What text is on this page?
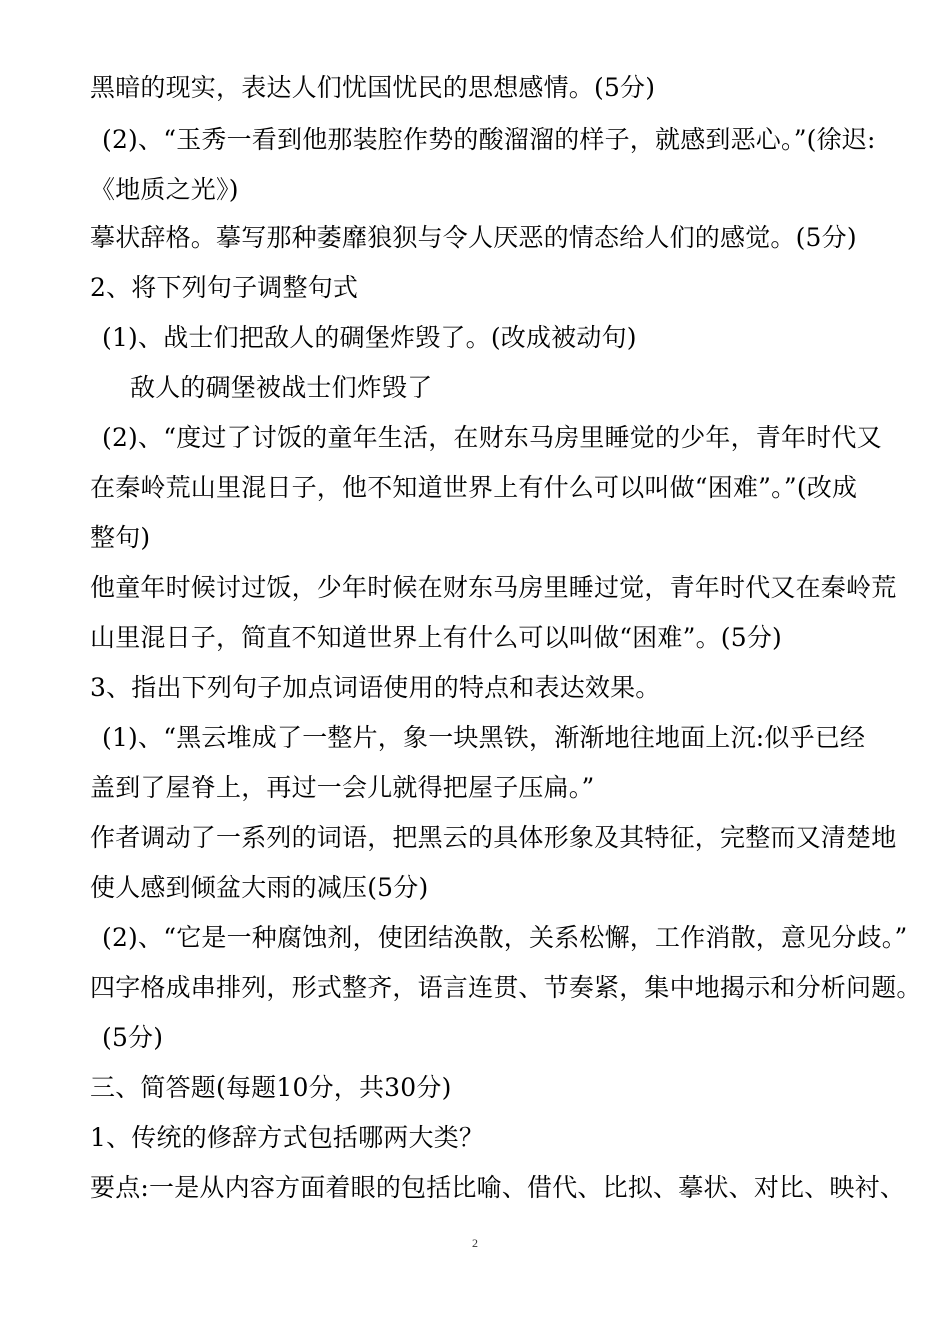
黑暗的现实，表达人们忧国忧民的思想感情。(5分)
(2)、“玉秀一看到他那装腔作势的酸溜溜的样子，就感到恶心。”(徐迟:
《地质之光》)
摹状辞格。摹写那种萎靡狼狈与令人厌恶的情态给人们的感觉。(5分)
2、将下列句子调整句式
(1)、战士们把敌人的碉堡炸毁了。(改成被动句)
敌人的碉堡被战士们炸毁了
(2)、“度过了讨饭的童年生活，在财东马房里睡觉的少年，青年时代又
在秦岭荒山里混日子，他不知道世界上有什么可以叫做“困难”。”(改成
整句)
他童年时候讨过饭，少年时候在财东马房里睡过觉，青年时代又在秦岭荒
山里混日子，简直不知道世界上有什么可以叫做“困难”。(5分)
3、指出下列句子加点词语使用的特点和表达效果。
(1)、“黑云堆成了一整片，象一块黑铁，渐渐地往地面上沉:似乎已经
盖到了屋脊上，再过一会儿就得把屋子压扁。”
作者调动了一系列的词语，把黑云的具体形象及其特征，完整而又清楚地
使人感到倾盆大雨的减压(5分)
(2)、“它是一种腐蚀剂，使团结涣散，关系松懈，工作消散，意见分歧。”
四字格成串排列，形式整齐，语言连贯、节奏紧，集中地揭示和分析问题。
(5分)
三、简答题(每题10分，共30分)
1、传统的修辞方式包括哪两大类？
要点:一是从内容方面着眼的包括比喻、借代、比拟、摹状、对比、映衬、
2
